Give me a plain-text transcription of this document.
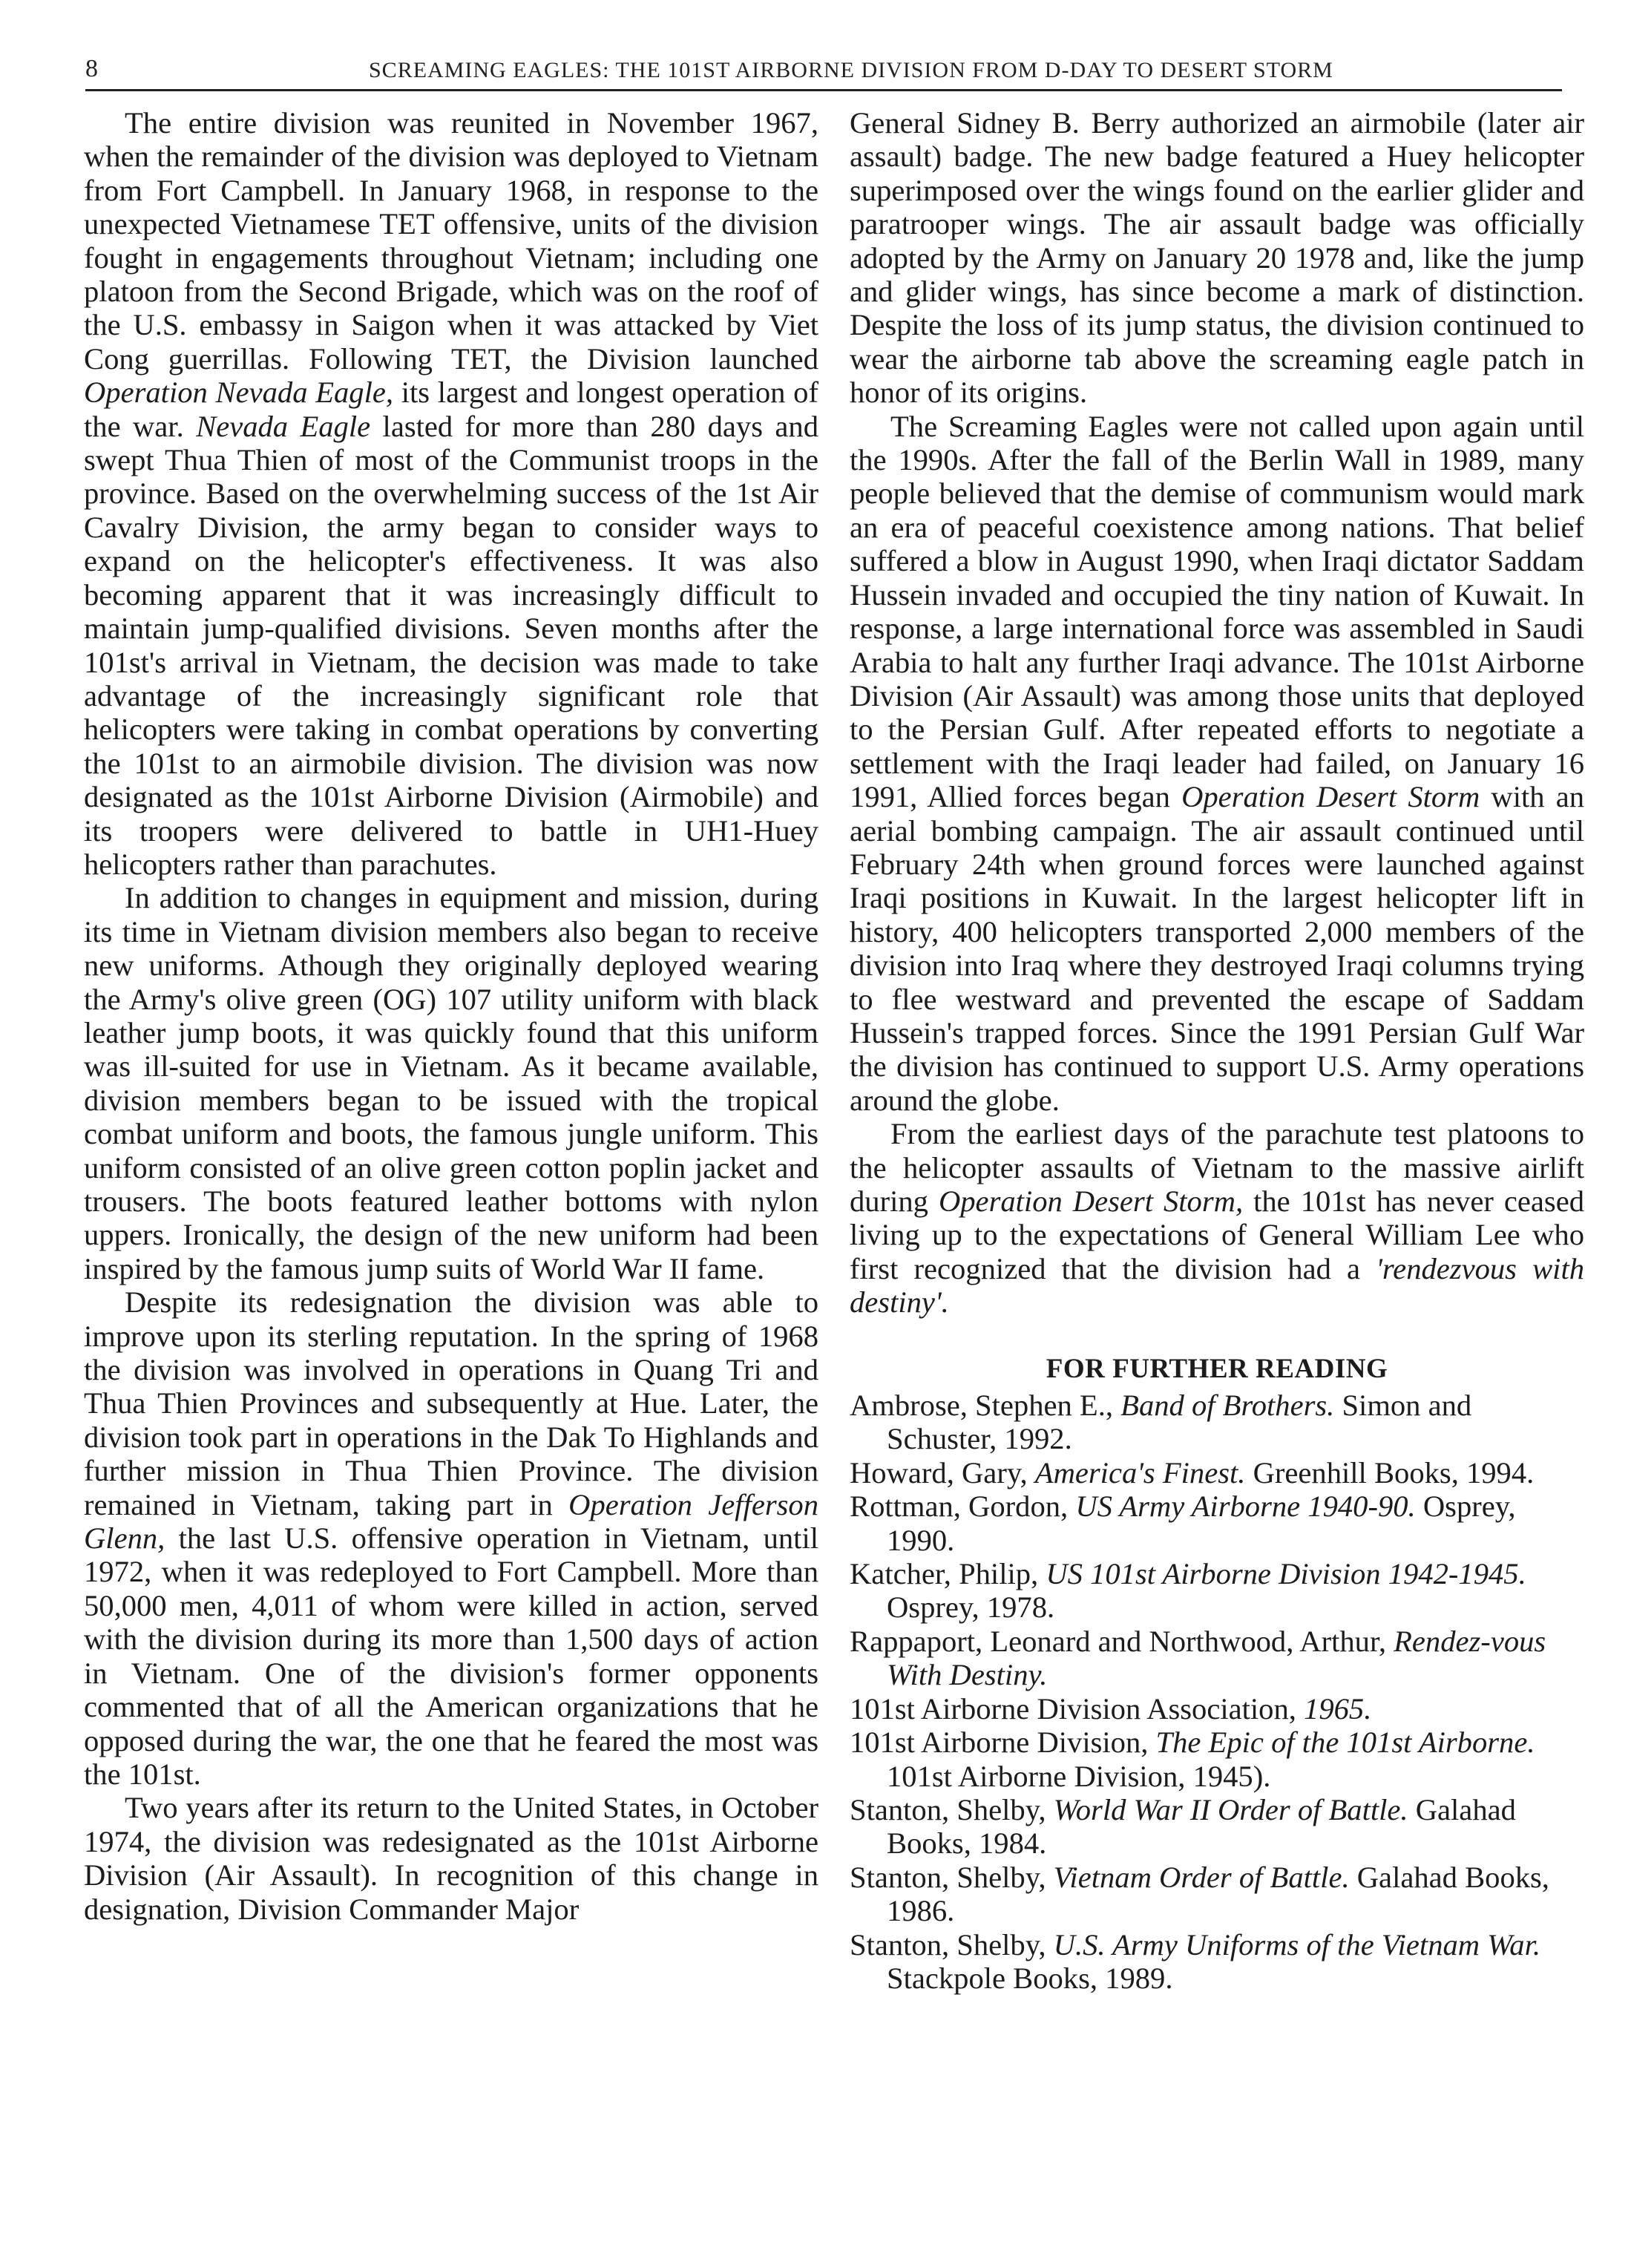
8	SCREAMING EAGLES: THE 101ST AIRBORNE DIVISION FROM D-DAY TO DESERT STORM

The entire division was reunited in November 1967, when the remainder of the division was deployed to Vietnam from Fort Campbell. In January 1968, in response to the unexpected Vietnamese TET offensive, units of the division fought in engagements throughout Vietnam; including one platoon from the Second Brigade, which was on the roof of the U.S. embassy in Saigon when it was attacked by Viet Cong guerrillas. Following TET, the Division launched Operation Nevada Eagle, its largest and longest operation of the war. Nevada Eagle lasted for more than 280 days and swept Thua Thien of most of the Communist troops in the province. Based on the overwhelming success of the 1st Air Cavalry Division, the army began to consider ways to expand on the helicopter's effectiveness. It was also becoming apparent that it was increasingly difficult to maintain jump-qualified divisions. Seven months after the 101st's arrival in Vietnam, the decision was made to take advantage of the increasingly significant role that helicopters were taking in combat operations by converting the 101st to an airmobile division. The division was now designated as the 101st Airborne Division (Airmobile) and its troopers were delivered to battle in UH1-Huey helicopters rather than parachutes.

In addition to changes in equipment and mission, during its time in Vietnam division members also began to receive new uniforms. Athough they originally deployed wearing the Army's olive green (OG) 107 utility uniform with black leather jump boots, it was quickly found that this uniform was ill-suited for use in Vietnam. As it became available, division members began to be issued with the tropical combat uniform and boots, the famous jungle uniform. This uniform consisted of an olive green cotton poplin jacket and trousers. The boots featured leather bottoms with nylon uppers. Ironically, the design of the new uniform had been inspired by the famous jump suits of World War II fame.

Despite its redesignation the division was able to improve upon its sterling reputation. In the spring of 1968 the division was involved in operations in Quang Tri and Thua Thien Provinces and subsequently at Hue. Later, the division took part in operations in the Dak To Highlands and further mission in Thua Thien Province. The division remained in Vietnam, taking part in Operation Jefferson Glenn, the last U.S. offensive operation in Vietnam, until 1972, when it was redeployed to Fort Campbell. More than 50,000 men, 4,011 of whom were killed in action, served with the division during its more than 1,500 days of action in Vietnam. One of the division's former opponents commented that of all the American organizations that he opposed during the war, the one that he feared the most was the 101st.

Two years after its return to the United States, in October 1974, the division was redesignated as the 101st Airborne Division (Air Assault). In recognition of this change in designation, Division Commander Major

General Sidney B. Berry authorized an airmobile (later air assault) badge. The new badge featured a Huey helicopter superimposed over the wings found on the earlier glider and paratrooper wings. The air assault badge was officially adopted by the Army on January 20 1978 and, like the jump and glider wings, has since become a mark of distinction. Despite the loss of its jump status, the division continued to wear the airborne tab above the screaming eagle patch in honor of its origins.

The Screaming Eagles were not called upon again until the 1990s. After the fall of the Berlin Wall in 1989, many people believed that the demise of communism would mark an era of peaceful coexistence among nations. That belief suffered a blow in August 1990, when Iraqi dictator Saddam Hussein invaded and occupied the tiny nation of Kuwait. In response, a large international force was assembled in Saudi Arabia to halt any further Iraqi advance. The 101st Airborne Division (Air Assault) was among those units that deployed to the Persian Gulf. After repeated efforts to negotiate a settlement with the Iraqi leader had failed, on January 16 1991, Allied forces began Operation Desert Storm with an aerial bombing campaign. The air assault continued until February 24th when ground forces were launched against Iraqi positions in Kuwait. In the largest helicopter lift in history, 400 helicopters transported 2,000 members of the division into Iraq where they destroyed Iraqi columns trying to flee westward and prevented the escape of Saddam Hussein's trapped forces. Since the 1991 Persian Gulf War the division has continued to support U.S. Army operations around the globe.

From the earliest days of the parachute test platoons to the helicopter assaults of Vietnam to the massive airlift during Operation Desert Storm, the 101st has never ceased living up to the expectations of General William Lee who first recognized that the division had a 'rendezvous with destiny'.

FOR FURTHER READING

Ambrose, Stephen E., Band of Brothers. Simon and Schuster, 1992.

Howard, Gary, America's Finest. Greenhill Books, 1994.

Rottman, Gordon, US Army Airborne 1940-90. Osprey, 1990.

Katcher, Philip, US 101st Airborne Division 1942-1945. Osprey, 1978.

Rappaport, Leonard and Northwood, Arthur, Rendez-vous With Destiny.

101st Airborne Division Association, 1965.

101st Airborne Division, The Epic of the 101st Airborne. 101st Airborne Division, 1945).

Stanton, Shelby, World War II Order of Battle. Galahad Books, 1984.

Stanton, Shelby, Vietnam Order of Battle. Galahad Books, 1986.

Stanton, Shelby, U.S. Army Uniforms of the Vietnam War. Stackpole Books, 1989.
